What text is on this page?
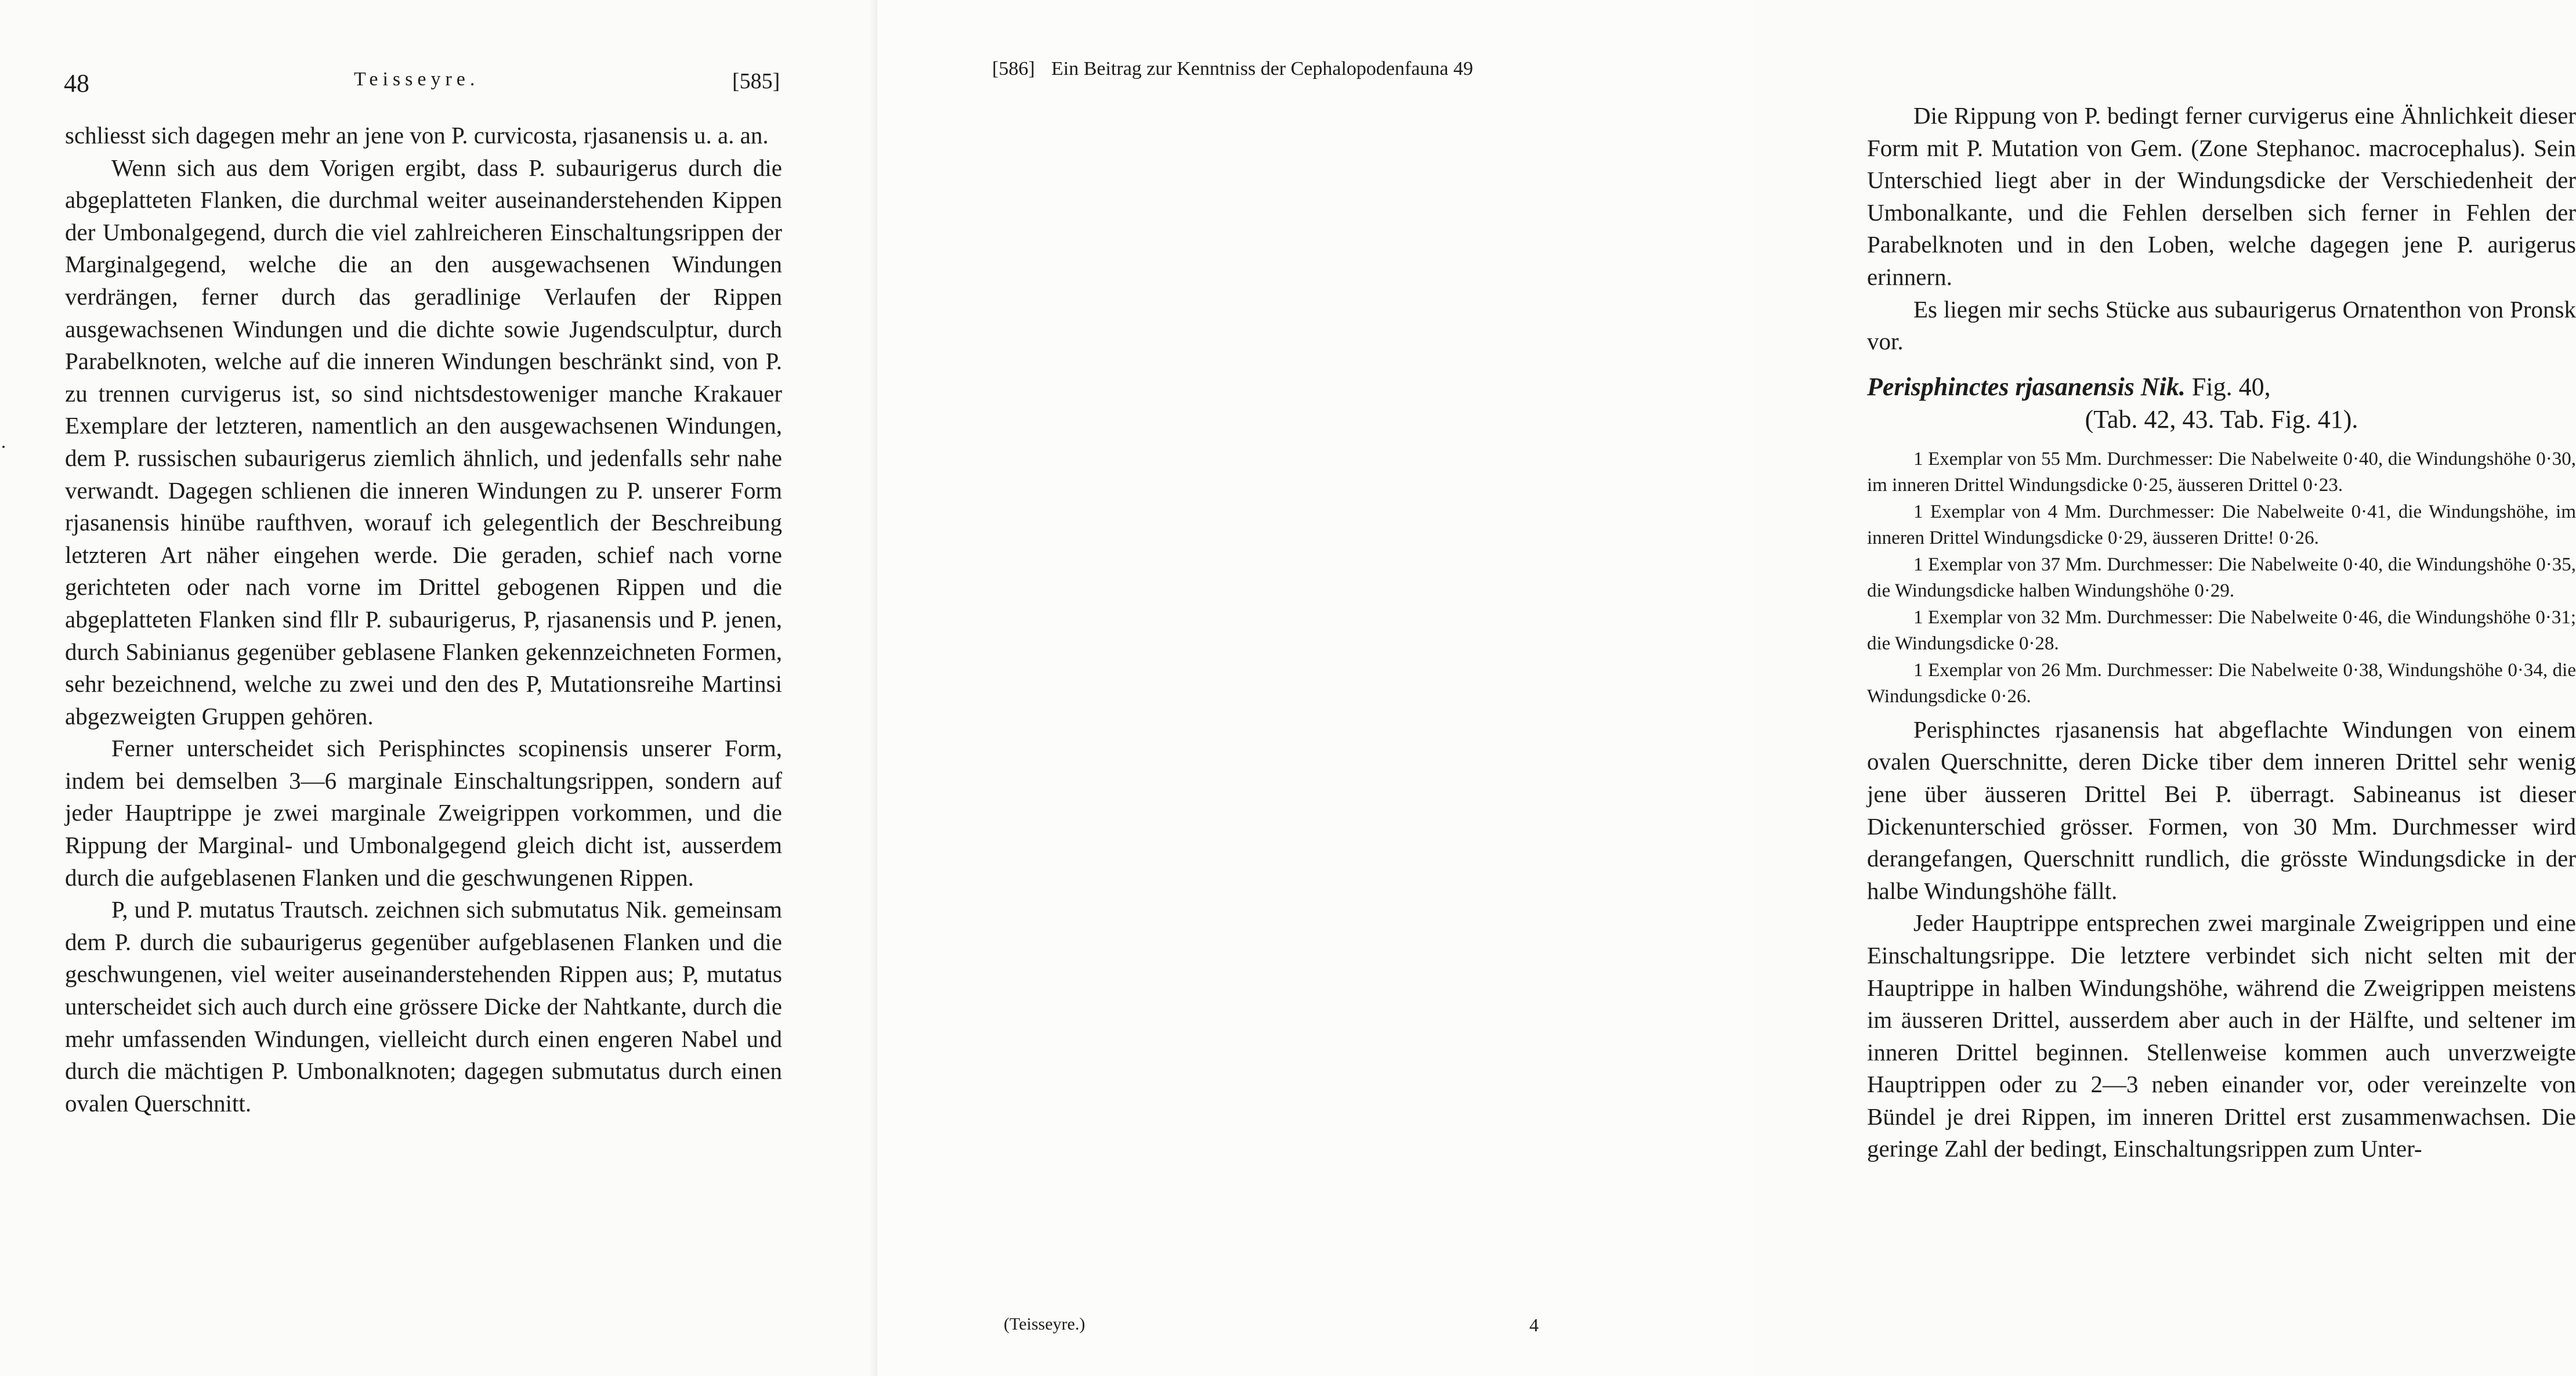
48	Teisseyre.	[585]

schliesst sich dagegen mehr an jene von P. curvicosta, rjasanensis u. a. an.

Wenn sich aus dem Vorigen ergibt, dass P. subaurigerus durch die abgeplatteten Flanken, die durchmal weiter auseinanderstehenden Kippen der Umbonalgegend, durch die viel zahlreicheren Einschaltungsrippen der Marginalgegend, welche die an den ausgewachsenen Windungen verdrängen, ferner durch das geradlinige Verlaufen der Rippen ausgewachsenen Windungen und die dichte sowie Jugendsculptur, durch Parabelknoten, welche auf die inneren Windungen beschränkt sind, von P. zu trennen curvigerus ist, so sind nichtsdestoweniger manche Krakauer Exemplare der letzteren, namentlich an den ausgewachsenen Windungen, dem P. russischen subaurigerus ziemlich ähnlich, und jedenfalls sehr nahe verwandt. Dagegen schlienen die inneren Windungen zu P. unserer Form rjasanensis hinübe raufthven, worauf ich gelegentlich der Beschreibung letzteren Art näher eingehen werde. Die geraden, schief nach vorne gerichteten oder nach vorne im Drittel gebogenen Rippen und die abgeplatteten Flanken sind fllr P. subaurigerus, P, rjasanensis und P. jenen, durch Sabinianus gegenüber geblasene Flanken gekennzeichneten Formen, sehr bezeichnend, welche zu zwei und den des P, Mutationsreihe Martinsi abgezweigten Gruppen gehören.

Ferner unterscheidet sich Perisphinctes scopinensis unserer Form, indem bei demselben 3—6 marginale Einschaltungsrippen, sondern auf jeder Hauptrippe je zwei marginale Zweigrippen vorkommen, und die Rippung der Marginal- und Umbonalgegend gleich dicht ist, ausserdem durch die aufgeblasenen Flanken und die geschwungenen Rippen.

P, und P. mutatus Trautsch. zeichnen sich submutatus Nik. gemeinsam dem P. durch die subaurigerus gegenüber aufgeblasenen Flanken und die geschwungenen, viel weiter auseinanderstehenden Rippen aus; P, mutatus unterscheidet sich auch durch eine grössere Dicke der Nahtkante, durch die mehr umfassenden Windungen, vielleicht durch einen engeren Nabel und durch die mächtigen P. Umbonalknoten; dagegen submutatus durch einen ovalen Querschnitt.

[586] Ein Beitrag zur Kenntniss der Cephalopodenfauna 49

Die Rippung von P. bedingt ferner curvigerus eine Ähnlichkeit dieser Form mit P. Mutation von Gem. (Zone Stephanoc. macrocephalus). Sein Unterschied liegt aber in der Windungsdicke der Verschiedenheit der Umbonalkante, und die Fehlen derselben sich ferner in Fehlen der Parabelknoten und in den Loben, welche dagegen jene P. aurigerus erinnern.

Es liegen mir sechs Stücke aus subaurigerus Ornatenthon von Pronsk vor.

Perisphinctes rjasanensis Nik. Fig. 40,
(Tab. 42, 43. Tab. Fig. 41).

1 Exemplar von 55 Mm. Durchmesser: Die Nabelweite 0·40, die Windungshöhe 0·30, im inneren Drittel Windungsdicke 0·25, äusseren Drittel 0·23.

1 Exemplar von 4 Mm. Durchmesser: Die Nabelweite 0·41, die Windungshöhe, im inneren Drittel Windungsdicke 0·29, äusseren Dritte! 0·26.

1 Exemplar von 37 Mm. Durchmesser: Die Nabelweite 0·40, die Windungshöhe 0·35, die Windungsdicke halben Windungshöhe 0·29.

1 Exemplar von 32 Mm. Durchmesser: Die Nabelweite 0·46, die Windungshöhe 0·31; die Windungsdicke 0·28.

1 Exemplar von 26 Mm. Durchmesser: Die Nabelweite 0·38, Windungshöhe 0·34, die Windungsdicke 0·26.

Perisphinctes rjasanensis hat abgeflachte Windungen von einem ovalen Querschnitte, deren Dicke tiber dem inneren Drittel sehr wenig jene über äusseren Drittel Bei P. überragt. Sabineanus ist dieser Dickenunterschied grösser. Formen, von 30 Mm. Durchmesser wird derangefangen, Querschnitt rundlich, die grösste Windungsdicke in der halbe Windungshöhe fällt.

Jeder Hauptrippe entsprechen zwei marginale Zweigrippen und eine Einschaltungsrippe. Die letztere verbindet sich nicht selten mit der Hauptrippe in halben Windungshöhe, während die Zweigrippen meistens im äusseren Drittel, ausserdem aber auch in der Hälfte, und seltener im inneren Drittel beginnen. Stellenweise kommen auch unverzweigte Hauptrippen oder zu 2—3 neben einander vor, oder vereinzelte von Bündel je drei Rippen, im inneren Drittel erst zusammenwachsen. Die geringe Zahl der bedingt, Einschaltungsrippen zum Unter-

(Teisseyre.)	4
